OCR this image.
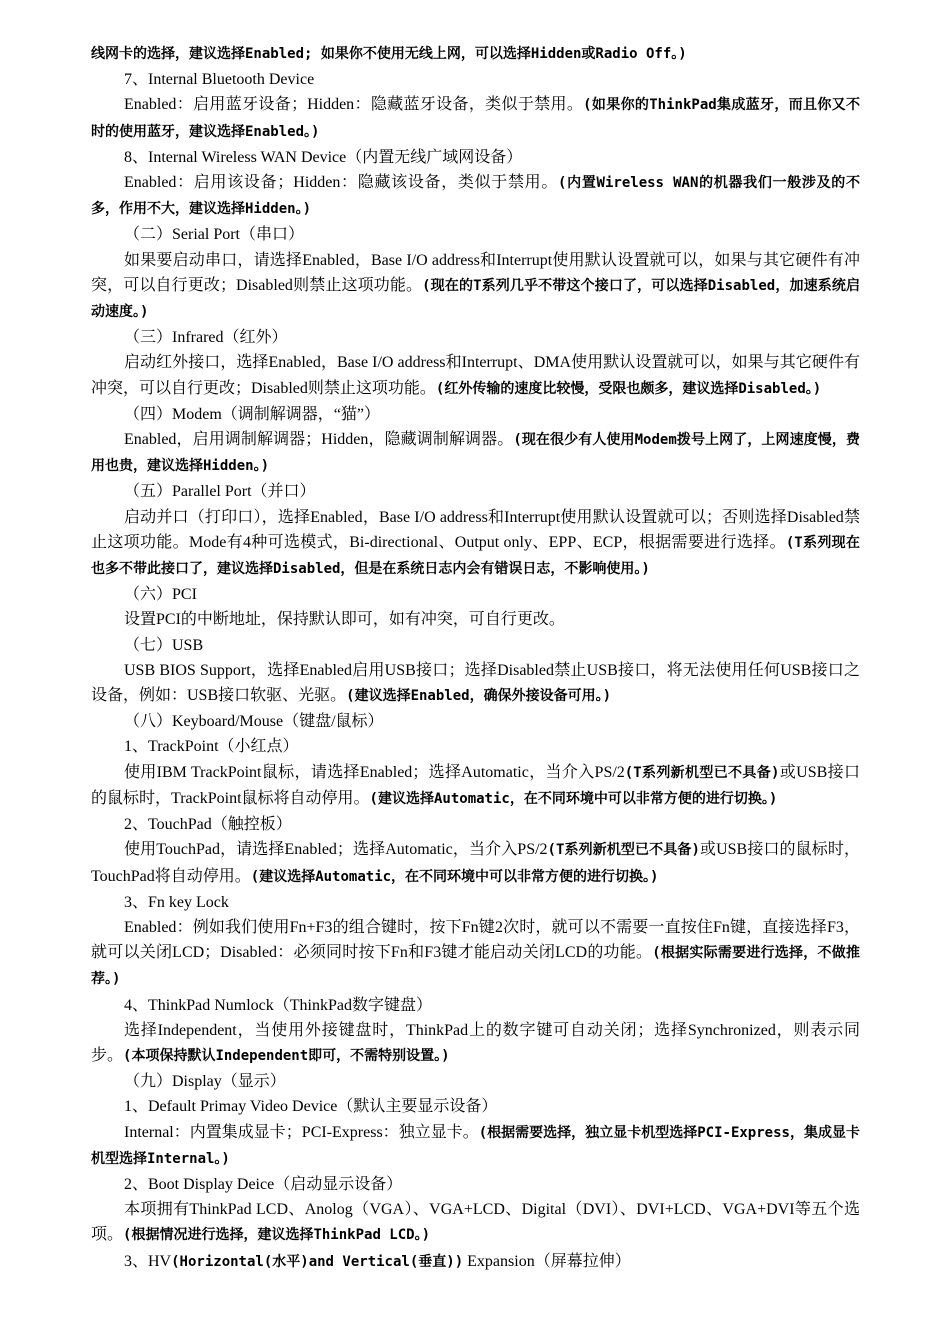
线网卡的选择，建议选择Enabled; 如果你不使用无线上网，可以选择Hidden或Radio Off。)

7、Internal Bluetooth Device

Enabled：启用蓝牙设备；Hidden：隐藏蓝牙设备，类似于禁用。(如果你的ThinkPad集成蓝牙，而且你又不时的使用蓝牙，建议选择Enabled。)

8、Internal Wireless WAN Device（内置无线广域网设备）

Enabled：启用该设备；Hidden：隐藏该设备，类似于禁用。(内置Wireless WAN的机器我们一般涉及的不多，作用不大，建议选择Hidden。)

（二）Serial Port（串口）

如果要启动串口，请选择Enabled，Base I/O address和Interrupt使用默认设置就可以，如果与其它硬件有冲突，可以自行更改；Disabled则禁止这项功能。(现在的T系列几乎不带这个接口了，可以选择Disabled，加速系统启动速度。)

（三）Infrared（红外）

启动红外接口，选择Enabled，Base I/O address和Interrupt、DMA使用默认设置就可以，如果与其它硬件有冲突，可以自行更改；Disabled则禁止这项功能。(红外传输的速度比较慢，受限也颇多，建议选择Disabled。)

（四）Modem（调制解调器，“猫”）

Enabled，启用调制解调器；Hidden，隐藏调制解调器。(现在很少有人使用Modem拨号上网了，上网速度慢，费用也贵，建议选择Hidden。)

（五）Parallel Port（并口）

启动并口（打印口），选择Enabled，Base I/O address和Interrupt使用默认设置就可以；否则选择Disabled禁止这项功能。Mode有4种可选模式，Bi-directional、Output only、EPP、ECP，根据需要进行选择。(T系列现在也多不带此接口了，建议选择Disabled，但是在系统日志内会有错误日志，不影响使用。)

（六）PCI

设置PCI的中断地址，保持默认即可，如有冲突，可自行更改。

（七）USB

USB BIOS Support，选择Enabled启用USB接口；选择Disabled禁止USB接口，将无法使用任何USB接口之设备，例如：USB接口软驱、光驱。(建议选择Enabled，确保外接设备可用。)

（八）Keyboard/Mouse（键盘/鼠标）

1、TrackPoint（小红点）

使用IBM TrackPoint鼠标，请选择Enabled；选择Automatic，当介入PS/2(T系列新机型已不具备)或USB接口的鼠标时，TrackPoint鼠标将自动停用。(建议选择Automatic，在不同环境中可以非常方便的进行切换。)

2、TouchPad（触控板）

使用TouchPad，请选择Enabled；选择Automatic，当介入PS/2(T系列新机型已不具备)或USB接口的鼠标时，TouchPad将自动停用。(建议选择Automatic，在不同环境中可以非常方便的进行切换。)

3、Fn key Lock

Enabled：例如我们使用Fn+F3的组合键时，按下Fn键2次时，就可以不需要一直按住Fn键，直接选择F3，就可以关闭LCD；Disabled：必须同时按下Fn和F3键才能启动关闭LCD的功能。(根据实际需要进行选择，不做推荐。)

4、ThinkPad Numlock（ThinkPad数字键盘）

选择Independent，当使用外接键盘时，ThinkPad上的数字键可自动关闭；选择Synchronized，则表示同步。(本项保持默认Independent即可，不需特别设置。)

（九）Display（显示）

1、Default Primay Video Device（默认主要显示设备）

Internal：内置集成显卡；PCI-Express：独立显卡。(根据需要选择，独立显卡机型选择PCI-Express，集成显卡机型选择Internal。)

2、Boot Display Deice（启动显示设备）

本项拥有ThinkPad LCD、Anolog（VGA）、VGA+LCD、Digital（DVI）、DVI+LCD、VGA+DVI等五个选项。(根据情况进行选择，建议选择ThinkPad LCD。)

3、HV(Horizontal(水平)and Vertical(垂直)) Expansion（屏幕拉伸）
